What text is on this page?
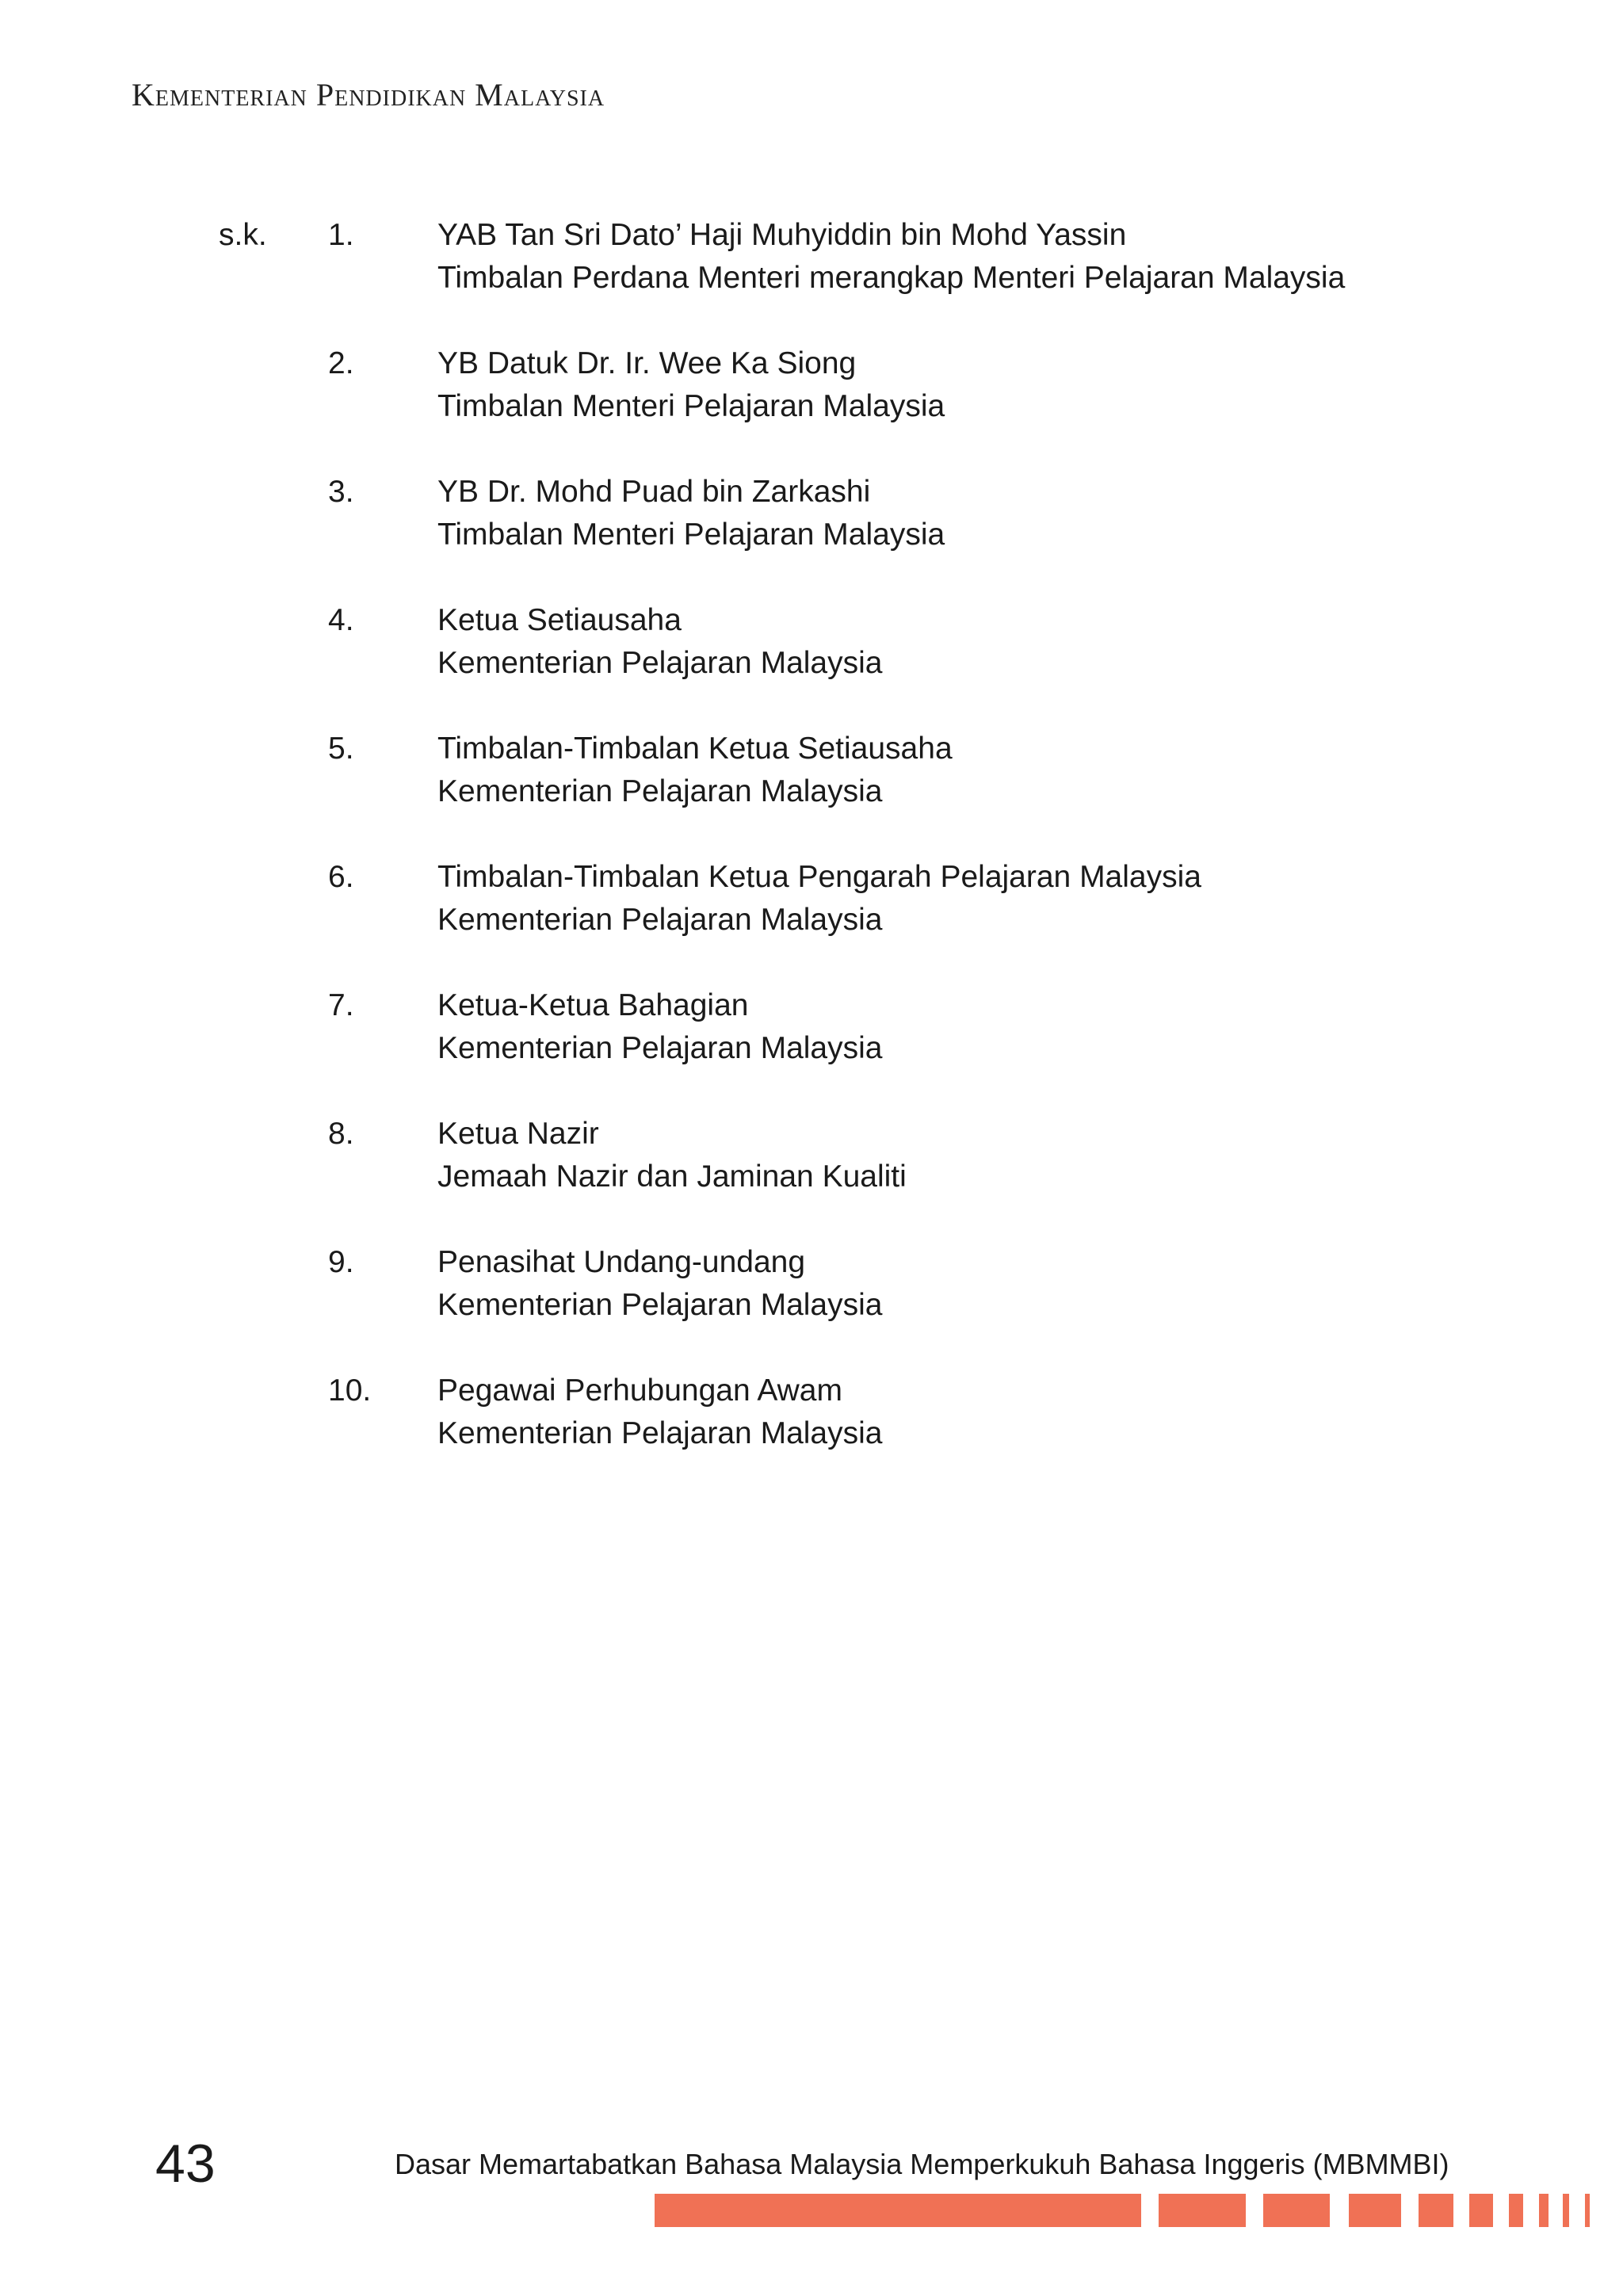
Kementerian Pendidikan Malaysia
s.k. 1.	YAB Tan Sri Dato’ Haji Muhyiddin bin Mohd Yassin
Timbalan Perdana Menteri merangkap Menteri Pelajaran Malaysia
2.	YB Datuk Dr. Ir. Wee Ka Siong
Timbalan Menteri Pelajaran Malaysia
3.	YB Dr. Mohd Puad bin Zarkashi
Timbalan Menteri Pelajaran Malaysia
4.	Ketua Setiausaha
Kementerian Pelajaran Malaysia
5.	Timbalan-Timbalan Ketua Setiausaha
Kementerian Pelajaran Malaysia
6.	Timbalan-Timbalan Ketua Pengarah Pelajaran Malaysia
Kementerian Pelajaran Malaysia
7.	Ketua-Ketua Bahagian
Kementerian Pelajaran Malaysia
8.	Ketua Nazir
Jemaah Nazir dan Jaminan Kualiti
9.	Penasihat Undang-undang
Kementerian Pelajaran Malaysia
10. Pegawai Perhubungan Awam
Kementerian Pelajaran Malaysia
43	Dasar Memartabatkan Bahasa Malaysia Memperkukuh Bahasa Inggeris (MBMMBI)
